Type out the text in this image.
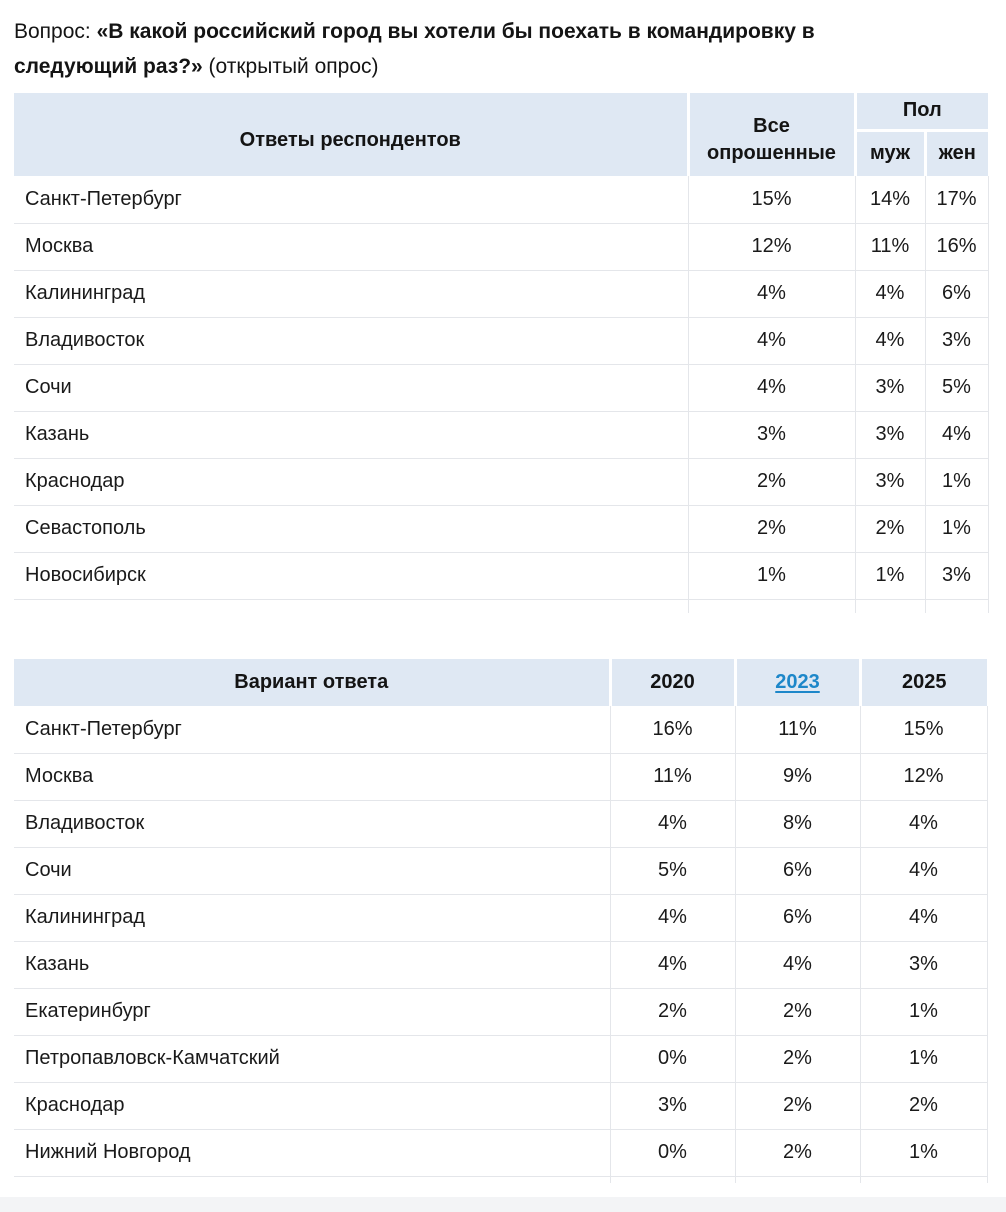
Вопрос: «В какой российский город вы хотели бы поехать в командировку в следующий раз?» (открытый опрос)
Ответы респондентов	Все опрошенные	Пол	
		муж	жен
Санкт-Петербург	15%	14%	17%
Москва	12%	11%	16%
Калининград	4%	4%	6%
Владивосток	4%	4%	3%
Сочи	4%	3%	5%
Казань	3%	3%	4%
Краснодар	2%	3%	1%
Севастополь	2%	2%	1%
Новосибирск	1%	1%	3%

Вариант ответа	2020	2023	2025
Санкт-Петербург	16%	11%	15%
Москва	11%	9%	12%
Владивосток	4%	8%	4%
Сочи	5%	6%	4%
Калининград	4%	6%	4%
Казань	4%	4%	3%
Екатеринбург	2%	2%	1%
Петропавловск-Камчатский	0%	2%	1%
Краснодар	3%	2%	2%
Нижний Новгород	0%	2%	1%
